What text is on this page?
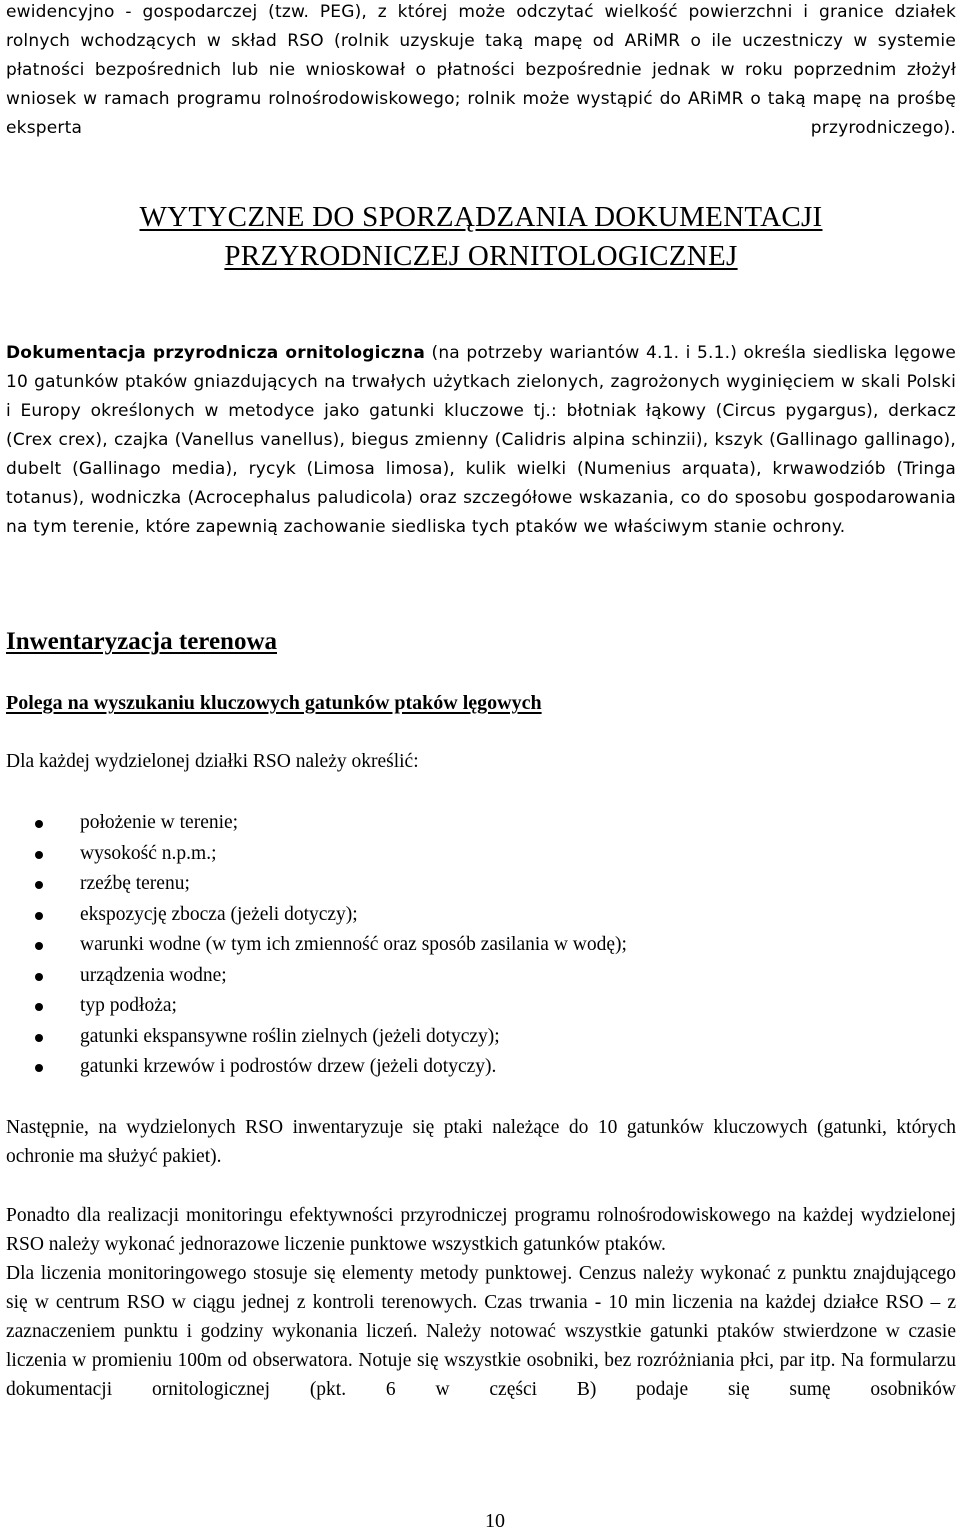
ewidencyjno - gospodarczej (tzw. PEG), z której może odczytać wielkość powierzchni i granice działek rolnych wchodzących w skład RSO (rolnik uzyskuje taką mapę od ARiMR o ile uczestniczy w systemie płatności bezpośrednich lub nie wnioskował o płatności bezpośrednie jednak w roku poprzednim złożył wniosek w ramach programu rolnośrodowiskowego; rolnik może wystąpić do ARiMR o taką mapę na prośbę eksperta przyrodniczego).

WYTYCZNE DO SPORZĄDZANIA DOKUMENTACJI
PRZYRODNICZEJ ORNITOLOGICZNEJ

Dokumentacja przyrodnicza ornitologiczna (na potrzeby wariantów 4.1. i 5.1.) określa siedliska lęgowe 10 gatunków ptaków gniazdujących na trwałych użytkach zielonych, zagrożonych wyginięciem w skali Polski i Europy określonych w metodyce jako gatunki kluczowe tj.: błotniak łąkowy (Circus pygargus), derkacz (Crex crex), czajka (Vanellus vanellus), biegus zmienny (Calidris alpina schinzii), kszyk (Gallinago gallinago), dubelt (Gallinago media), rycyk (Limosa limosa), kulik wielki (Numenius arquata), krwawodziób (Tringa totanus), wodniczka (Acrocephalus paludicola) oraz szczegółowe wskazania, co do sposobu gospodarowania na tym terenie, które zapewnią zachowanie siedliska tych ptaków we właściwym stanie ochrony.

Inwentaryzacja terenowa
Polega na wyszukaniu kluczowych gatunków ptaków lęgowych
Dla każdej wydzielonej działki RSO należy określić:
położenie w terenie;
wysokość n.p.m.;
rzeźbę terenu;
ekspozycję zbocza (jeżeli dotyczy);
warunki wodne (w tym ich zmienność oraz sposób zasilania w wodę);
urządzenia wodne;
typ podłoża;
gatunki ekspansywne roślin zielnych (jeżeli dotyczy);
gatunki krzewów i podrostów drzew (jeżeli dotyczy).

Następnie, na wydzielonych RSO inwentaryzuje się ptaki należące do 10 gatunków kluczowych (gatunki, których ochronie ma służyć pakiet).

Ponadto dla realizacji monitoringu efektywności przyrodniczej programu rolnośrodowiskowego na każdej wydzielonej RSO należy wykonać jednorazowe liczenie punktowe wszystkich gatunków ptaków.

Dla liczenia monitoringowego stosuje się elementy metody punktowej. Cenzus należy wykonać z punktu znajdującego się w centrum RSO w ciągu jednej z kontroli terenowych. Czas trwania - 10 min liczenia na każdej działce RSO – z zaznaczeniem punktu i godziny wykonania liczeń. Należy notować wszystkie gatunki ptaków stwierdzone w czasie liczenia w promieniu 100m od obserwatora. Notuje się wszystkie osobniki, bez rozróżniania płci, par itp. Na formularzu dokumentacji ornitologicznej (pkt. 6 w części B) podaje się sumę osobników

10
